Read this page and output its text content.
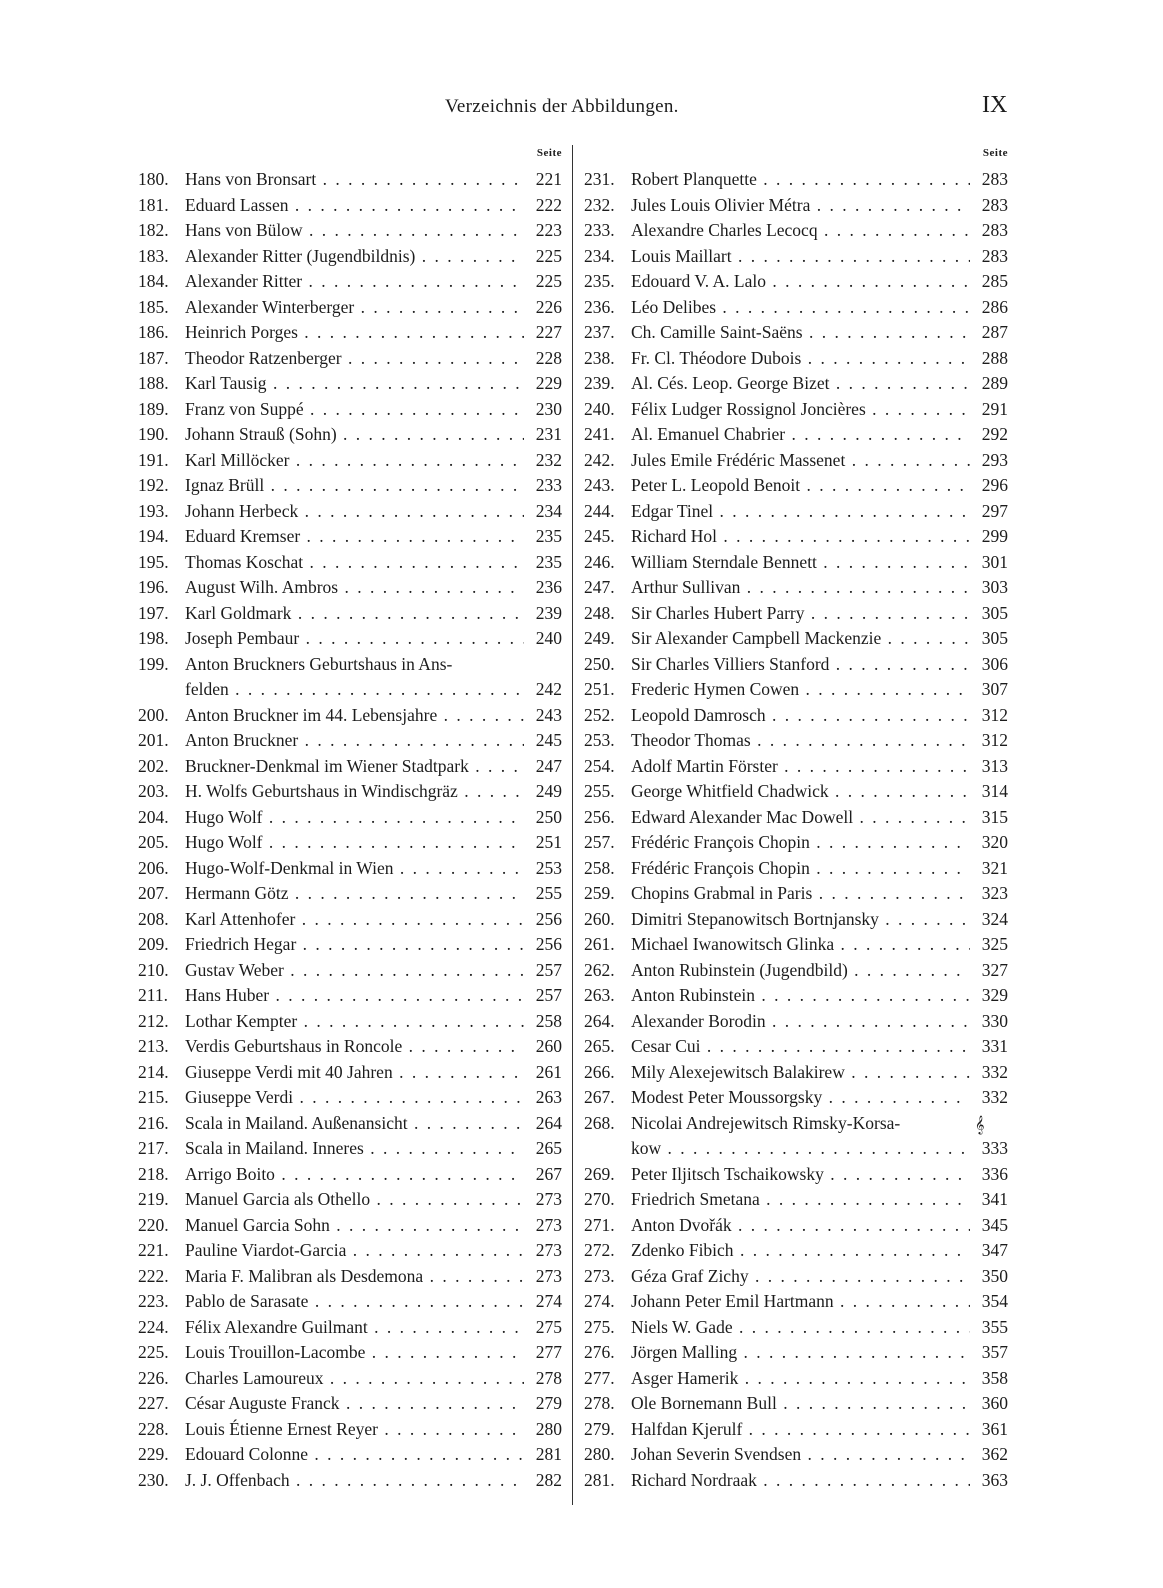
Verzeichnis der Abbildungen.	IX
Seite
180. Hans von Bronsart . . .	221
181. Eduard Lassen . . .	222
182. Hans von Bülow . . .	223
183. Alexander Ritter (Jugendbildnis) . . .	225
184. Alexander Ritter . . .	225
185. Alexander Winterberger . . .	226
186. Heinrich Porges . . .	227
187. Theodor Ratzenberger . . .	228
188. Karl Tausig . . .	229
189. Franz von Suppé . . .	230
190. Johann Strauß (Sohn) . . .	231
191. Karl Millöcker . . .	232
192. Ignaz Brüll . . .	233
193. Johann Herbeck . . .	234
194. Eduard Kremser . . .	235
195. Thomas Koschat . . .	235
196. August Wilh. Ambros . . .	236
197. Karl Goldmark . . .	239
198. Joseph Pembaur . . .	240
199. Anton Bruckners Geburtshaus in Ans-
felden . . .	242
200. Anton Bruckner im 44. Lebensjahre . . .	243
201. Anton Bruckner . . .	245
202. Bruckner-Denkmal im Wiener Stadtpark . . .	247
203. H. Wolfs Geburtshaus in Windischgräz . . .	249
204. Hugo Wolf . . .	250
205. Hugo Wolf . . .	251
206. Hugo-Wolf-Denkmal in Wien . . .	253
207. Hermann Götz . . .	255
208. Karl Attenhofer . . .	256
209. Friedrich Hegar . . .	256
210. Gustav Weber . . .	257
211. Hans Huber . . .	257
212. Lothar Kempter . . .	258
213. Verdis Geburtshaus in Roncole . . .	260
214. Giuseppe Verdi mit 40 Jahren . . .	261
215. Giuseppe Verdi . . .	263
216. Scala in Mailand. Außenansicht . . .	264
217. Scala in Mailand. Inneres . . .	265
218. Arrigo Boito . . .	267
219. Manuel Garcia als Othello . . .	273
220. Manuel Garcia Sohn . . .	273
221. Pauline Viardot-Garcia . . .	273
222. Maria F. Malibran als Desdemona . . .	273
223. Pablo de Sarasate . . .	274
224. Félix Alexandre Guilmant . . .	275
225. Louis Trouillon-Lacombe . . .	277
226. Charles Lamoureux . . .	278
227. César Auguste Franck . . .	279
228. Louis Étienne Ernest Reyer . . .	280
229. Edouard Colonne . . .	281
230. J. J. Offenbach . . .	282
Seite
231. Robert Planquette . . .	283
232. Jules Louis Olivier Métra . . .	283
233. Alexandre Charles Lecocq . . .	283
234. Louis Maillart . . .	283
235. Edouard V. A. Lalo . . .	285
236. Léo Delibes . . .	286
237. Ch. Camille Saint-Saëns . . .	287
238. Fr. Cl. Théodore Dubois . . .	288
239. Al. Cés. Leop. George Bizet . . .	289
240. Félix Ludger Rossignol Joncières . . .	291
241. Al. Emanuel Chabrier . . .	292
242. Jules Emile Frédéric Massenet . . .	293
243. Peter L. Leopold Benoit . . .	296
244. Edgar Tinel . . .	297
245. Richard Hol . . .	299
246. William Sterndale Bennett . . .	301
247. Arthur Sullivan . . .	303
248. Sir Charles Hubert Parry . . .	305
249. Sir Alexander Campbell Mackenzie . . .	305
250. Sir Charles Villiers Stanford . . .	306
251. Frederic Hymen Cowen . . .	307
252. Leopold Damrosch . . .	312
253. Theodor Thomas . . .	312
254. Adolf Martin Förster . . .	313
255. George Whitfield Chadwick . . .	314
256. Edward Alexander Mac Dowell . . .	315
257. Frédéric François Chopin . . .	320
258. Frédéric François Chopin . . .	321
259. Chopins Grabmal in Paris . . .	323
260. Dimitri Stepanowitsch Bortnjansky . . .	324
261. Michael Iwanowitsch Glinka . . .	325
262. Anton Rubinstein (Jugendbild) . . .	327
263. Anton Rubinstein . . .	329
264. Alexander Borodin . . .	330
265. Cesar Cui . . .	331
266. Mily Alexejewitsch Balakirew . . .	332
267. Modest Peter Moussorgsky . . .	332
268. Nicolai Andrejewitsch Rimsky-Korsa-
kow . . .	333
269. Peter Iljitsch Tschaikowsky . . .	336
270. Friedrich Smetana . . .	341
271. Anton Dvořák . . .	345
272. Zdenko Fibich . . .	347
273. Géza Graf Zichy . . .	350
274. Johann Peter Emil Hartmann . . .	354
275. Niels W. Gade . . .	355
276. Jörgen Malling . . .	357
277. Asger Hamerik . . .	358
278. Ole Bornemann Bull . . .	360
279. Halfdan Kjerulf . . .	361
280. Johan Severin Svendsen . . .	362
281. Richard Nordraak . . .	363
𝄞
